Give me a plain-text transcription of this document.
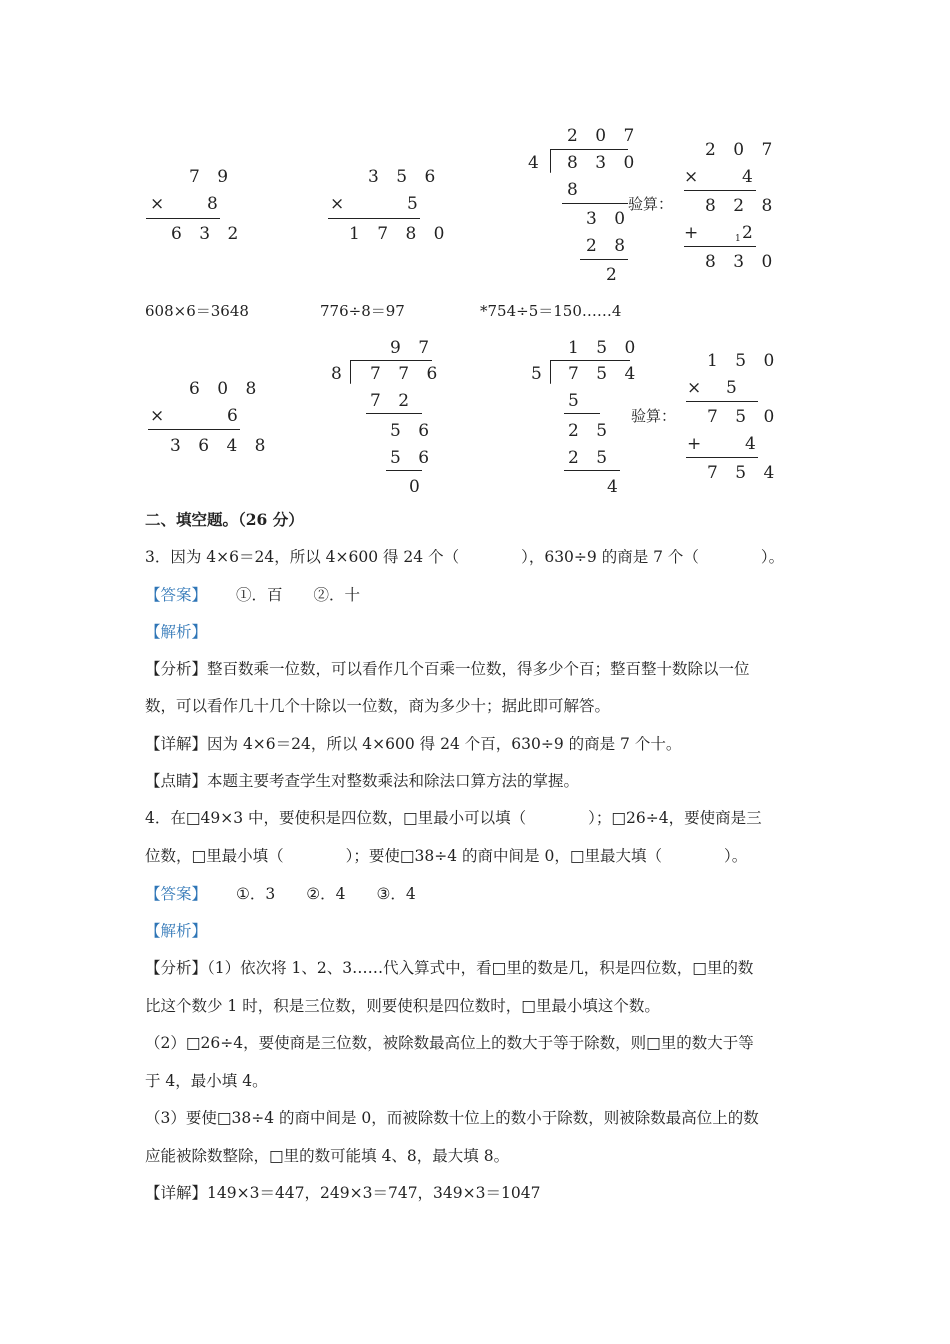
7 9
× 8
6 3 2
3 5 6
×	5
1 7 8 0
2 0 7
4 8 3 0
8
3 0
2 8
2
验算：
2 0 7
× 4
8 2 8
+	1 2
8 3 0
608×6＝3648	776÷8＝97	*754÷5＝150……4
6 0 8
×	6
3 6 4 8
9 7
8 7 7 6
7 2
5 6
5 6
0
1 5 0
5 7 5 4
5
2 5
2 5
4
验算：
1 5 0
× 5
7 5 0
+ 4
7 5 4
二、填空题。（26 分）
3．因为 4×6＝24，所以 4×600 得 24 个（　　　　），630÷9 的商是 7 个（　　　　）。
【答案】 ①．百　　②．十
【解析】
【分析】整百数乘一位数，可以看作几个百乘一位数，得多少个百；整百整十数除以一位
数，可以看作几十几个十除以一位数，商为多少十；据此即可解答。
【详解】因为 4×6＝24，所以 4×600 得 24 个百，630÷9 的商是 7 个十。
【点睛】本题主要考查学生对整数乘法和除法口算方法的掌握。
4．在□49×3 中，要使积是四位数，□里最小可以填（　　　　）；□26÷4，要使商是三
位数，□里最小填（　　　　）；要使□38÷4 的商中间是 0，□里最大填（　　　　）。
【答案】 ①．3　　②．4　　③．4
【解析】
【分析】（1）依次将 1、2、3……代入算式中，看□里的数是几，积是四位数，□里的数
比这个数少 1 时，积是三位数，则要使积是四位数时，□里最小填这个数。
（2）□26÷4，要使商是三位数，被除数最高位上的数大于等于除数，则□里的数大于等
于 4，最小填 4。
（3）要使□38÷4 的商中间是 0，而被除数十位上的数小于除数，则被除数最高位上的数
应能被除数整除，□里的数可能填 4、8，最大填 8。
【详解】149×3＝447，249×3＝747，349×3＝1047
